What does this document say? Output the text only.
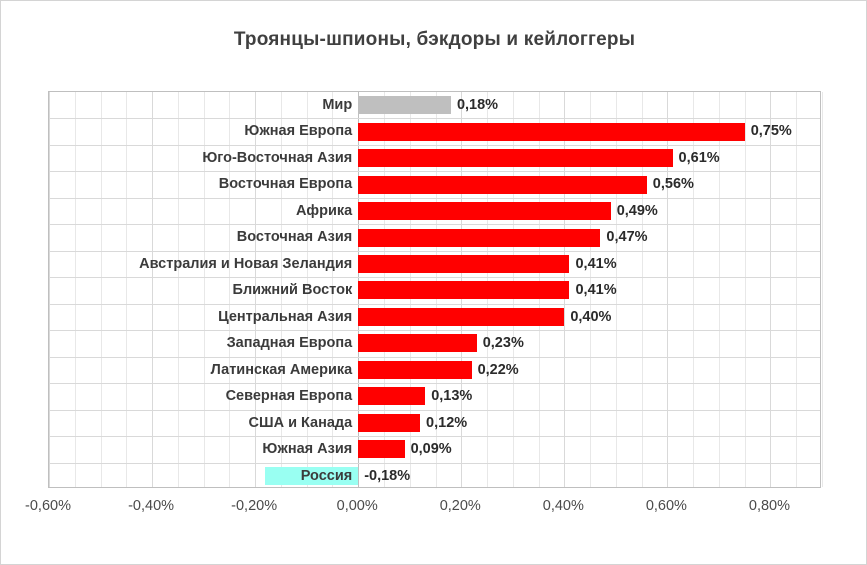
Троянцы-шпионы, бэкдоры и кейлоггеры
Мир	0,18%
Южная Европа	0,75%
Юго-Восточная Азия	0,61%
Восточная Европа	0,56%
Африка	0,49%
Восточная Азия	0,47%
Австралия и Новая Зеландия	0,41%
Ближний Восток	0,41%
Центральная Азия	0,40%
Западная Европа	0,23%
Латинская Америка	0,22%
Северная Европа	0,13%
США и Канада	0,12%
Южная Азия	0,09%
Россия -0,18%
-0,60%	-0,40%	-0,20%	0,00%	0,20%	0,40%	0,60%	0,80%
